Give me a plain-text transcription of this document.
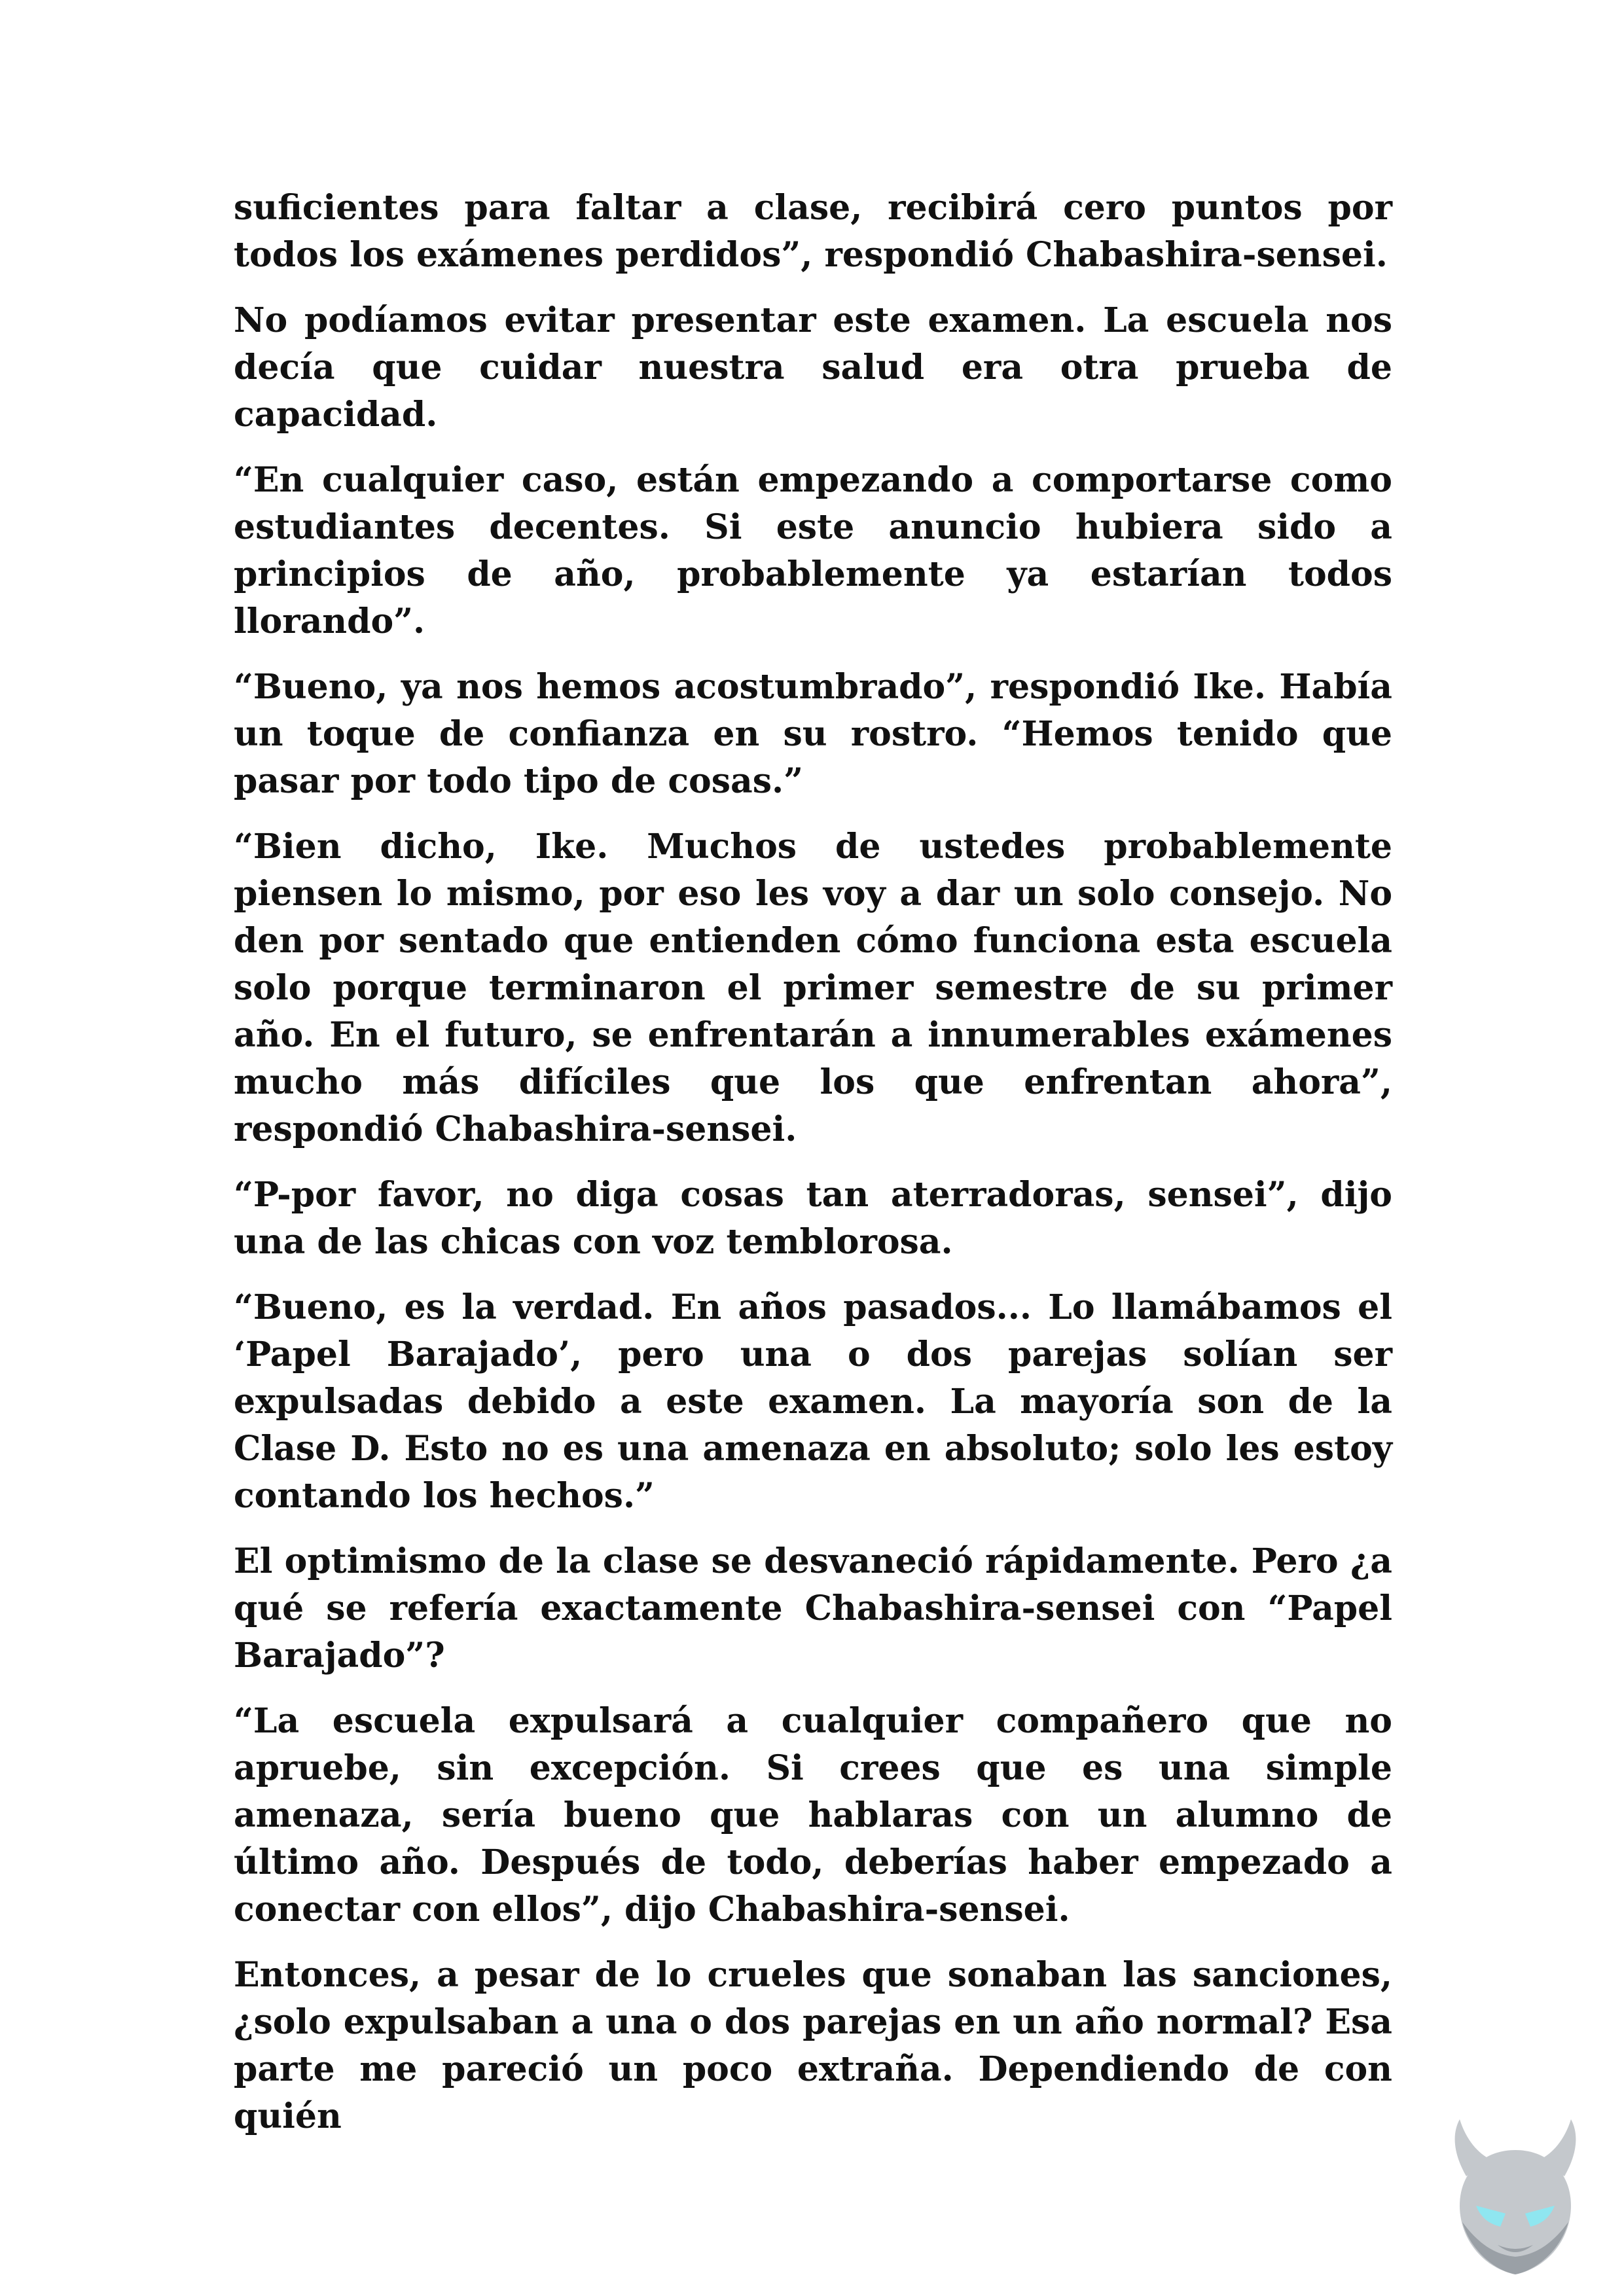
suficientes para faltar a clase, recibirá cero puntos por todos los exámenes perdidos”, respondió Chabashira-sensei.

No podíamos evitar presentar este examen. La escuela nos decía que cuidar nuestra salud era otra prueba de capacidad.

“En cualquier caso, están empezando a comportarse como estudiantes decentes. Si este anuncio hubiera sido a principios de año, probablemente ya estarían todos llorando”.

“Bueno, ya nos hemos acostumbrado”, respondió Ike. Había un toque de confianza en su rostro. “Hemos tenido que pasar por todo tipo de cosas.”

“Bien dicho, Ike. Muchos de ustedes probablemente piensen lo mismo, por eso les voy a dar un solo consejo. No den por sentado que entienden cómo funciona esta escuela solo porque terminaron el primer semestre de su primer año. En el futuro, se enfrentarán a innumerables exámenes mucho más difíciles que los que enfrentan ahora”, respondió Chabashira-sensei.

“P-por favor, no diga cosas tan aterradoras, sensei”, dijo una de las chicas con voz temblorosa.

“Bueno, es la verdad. En años pasados... Lo llamábamos el ‘Papel Barajado’, pero una o dos parejas solían ser expulsadas debido a este examen. La mayoría son de la Clase D. Esto no es una amenaza en absoluto; solo les estoy contando los hechos.”

El optimismo de la clase se desvaneció rápidamente. Pero ¿a qué se refería exactamente Chabashira-sensei con “Papel Barajado”?

“La escuela expulsará a cualquier compañero que no apruebe, sin excepción. Si crees que es una simple amenaza, sería bueno que hablaras con un alumno de último año. Después de todo, deberías haber empezado a conectar con ellos”, dijo Chabashira-sensei.

Entonces, a pesar de lo crueles que sonaban las sanciones, ¿solo expulsaban a una o dos parejas en un año normal? Esa parte me pareció un poco extraña. Dependiendo de con quién
